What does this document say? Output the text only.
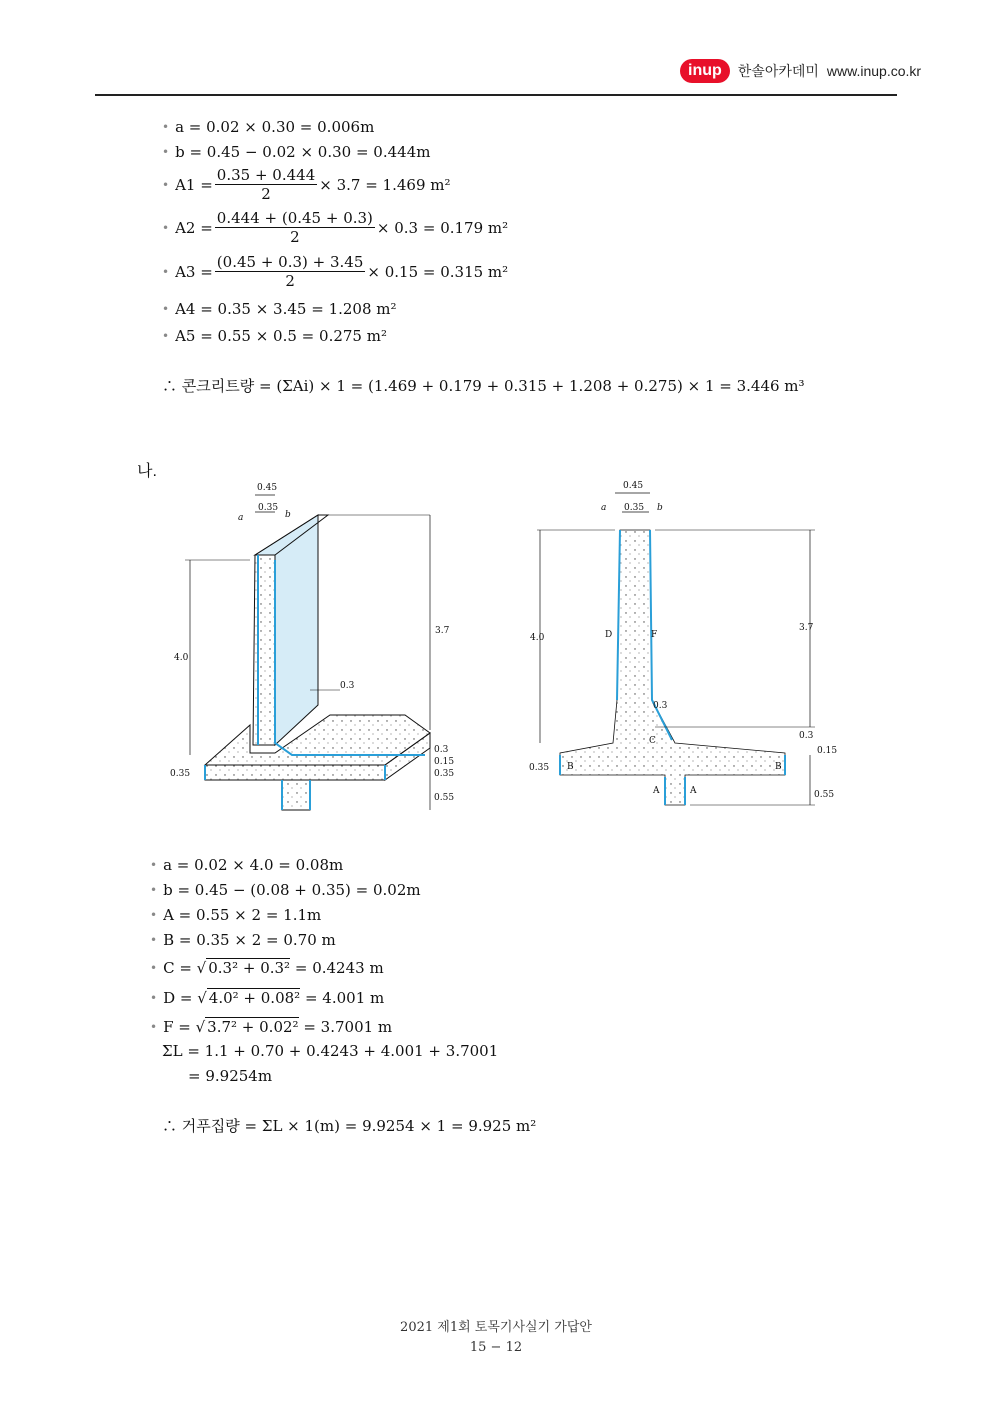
inup	한솔아카데미 www.inup.co.kr
• a = 0.02 × 0.30 = 0.006m
• b = 0.45 − 0.02 × 0.30 = 0.444m
• $A1 = \frac{0.35 + 0.444}{2} \times 3.7 = 1.469$ m²
• $A2 = \frac{0.444 + (0.45 + 0.3)}{2} \times 0.3 = 0.179$ m²
• $A3 = \frac{(0.45 + 0.3) + 3.45}{2} \times 0.15 = 0.315$ m²
• A4 = 0.35 × 3.45 = 1.208 m²
• A5 = 0.55 × 0.5 = 0.275 m²
∴ 콘크리트량 = (ΣAi) × 1 = (1.469 + 0.179 + 0.315 + 1.208 + 0.275) × 1 = 3.446 m³
나.
0.45
a
0.35
b
4.0
3.7
0.3
0.3
0.15
0.35
0.35
0.55
0.45
a 0.35 b
4.0
3.7
D	F
0.3
C	0.3
0.15
B	B
0.35
A	A	0.55
• a = 0.02 × 4.0 = 0.08m
• b = 0.45 − (0.08 + 0.35) = 0.02m
• A = 0.55 × 2 = 1.1m
• B = 0.35 × 2 = 0.70 m
• C = √ 0.3² + 0.3²
= 0.4243 m
• D = √ 4.0² + 0.08²
= 4.001 m
• F = √ 3.7² + 0.02²
= 3.7001 m
ΣL = 1.1 + 0.70 + 0.4243 + 4.001 + 3.7001
= 9.9254m
∴ 거푸집량 = ΣL × 1(m) = 9.9254 × 1 = 9.925 m²
2021 제1회 토목기사실기 가답안
15 − 12
